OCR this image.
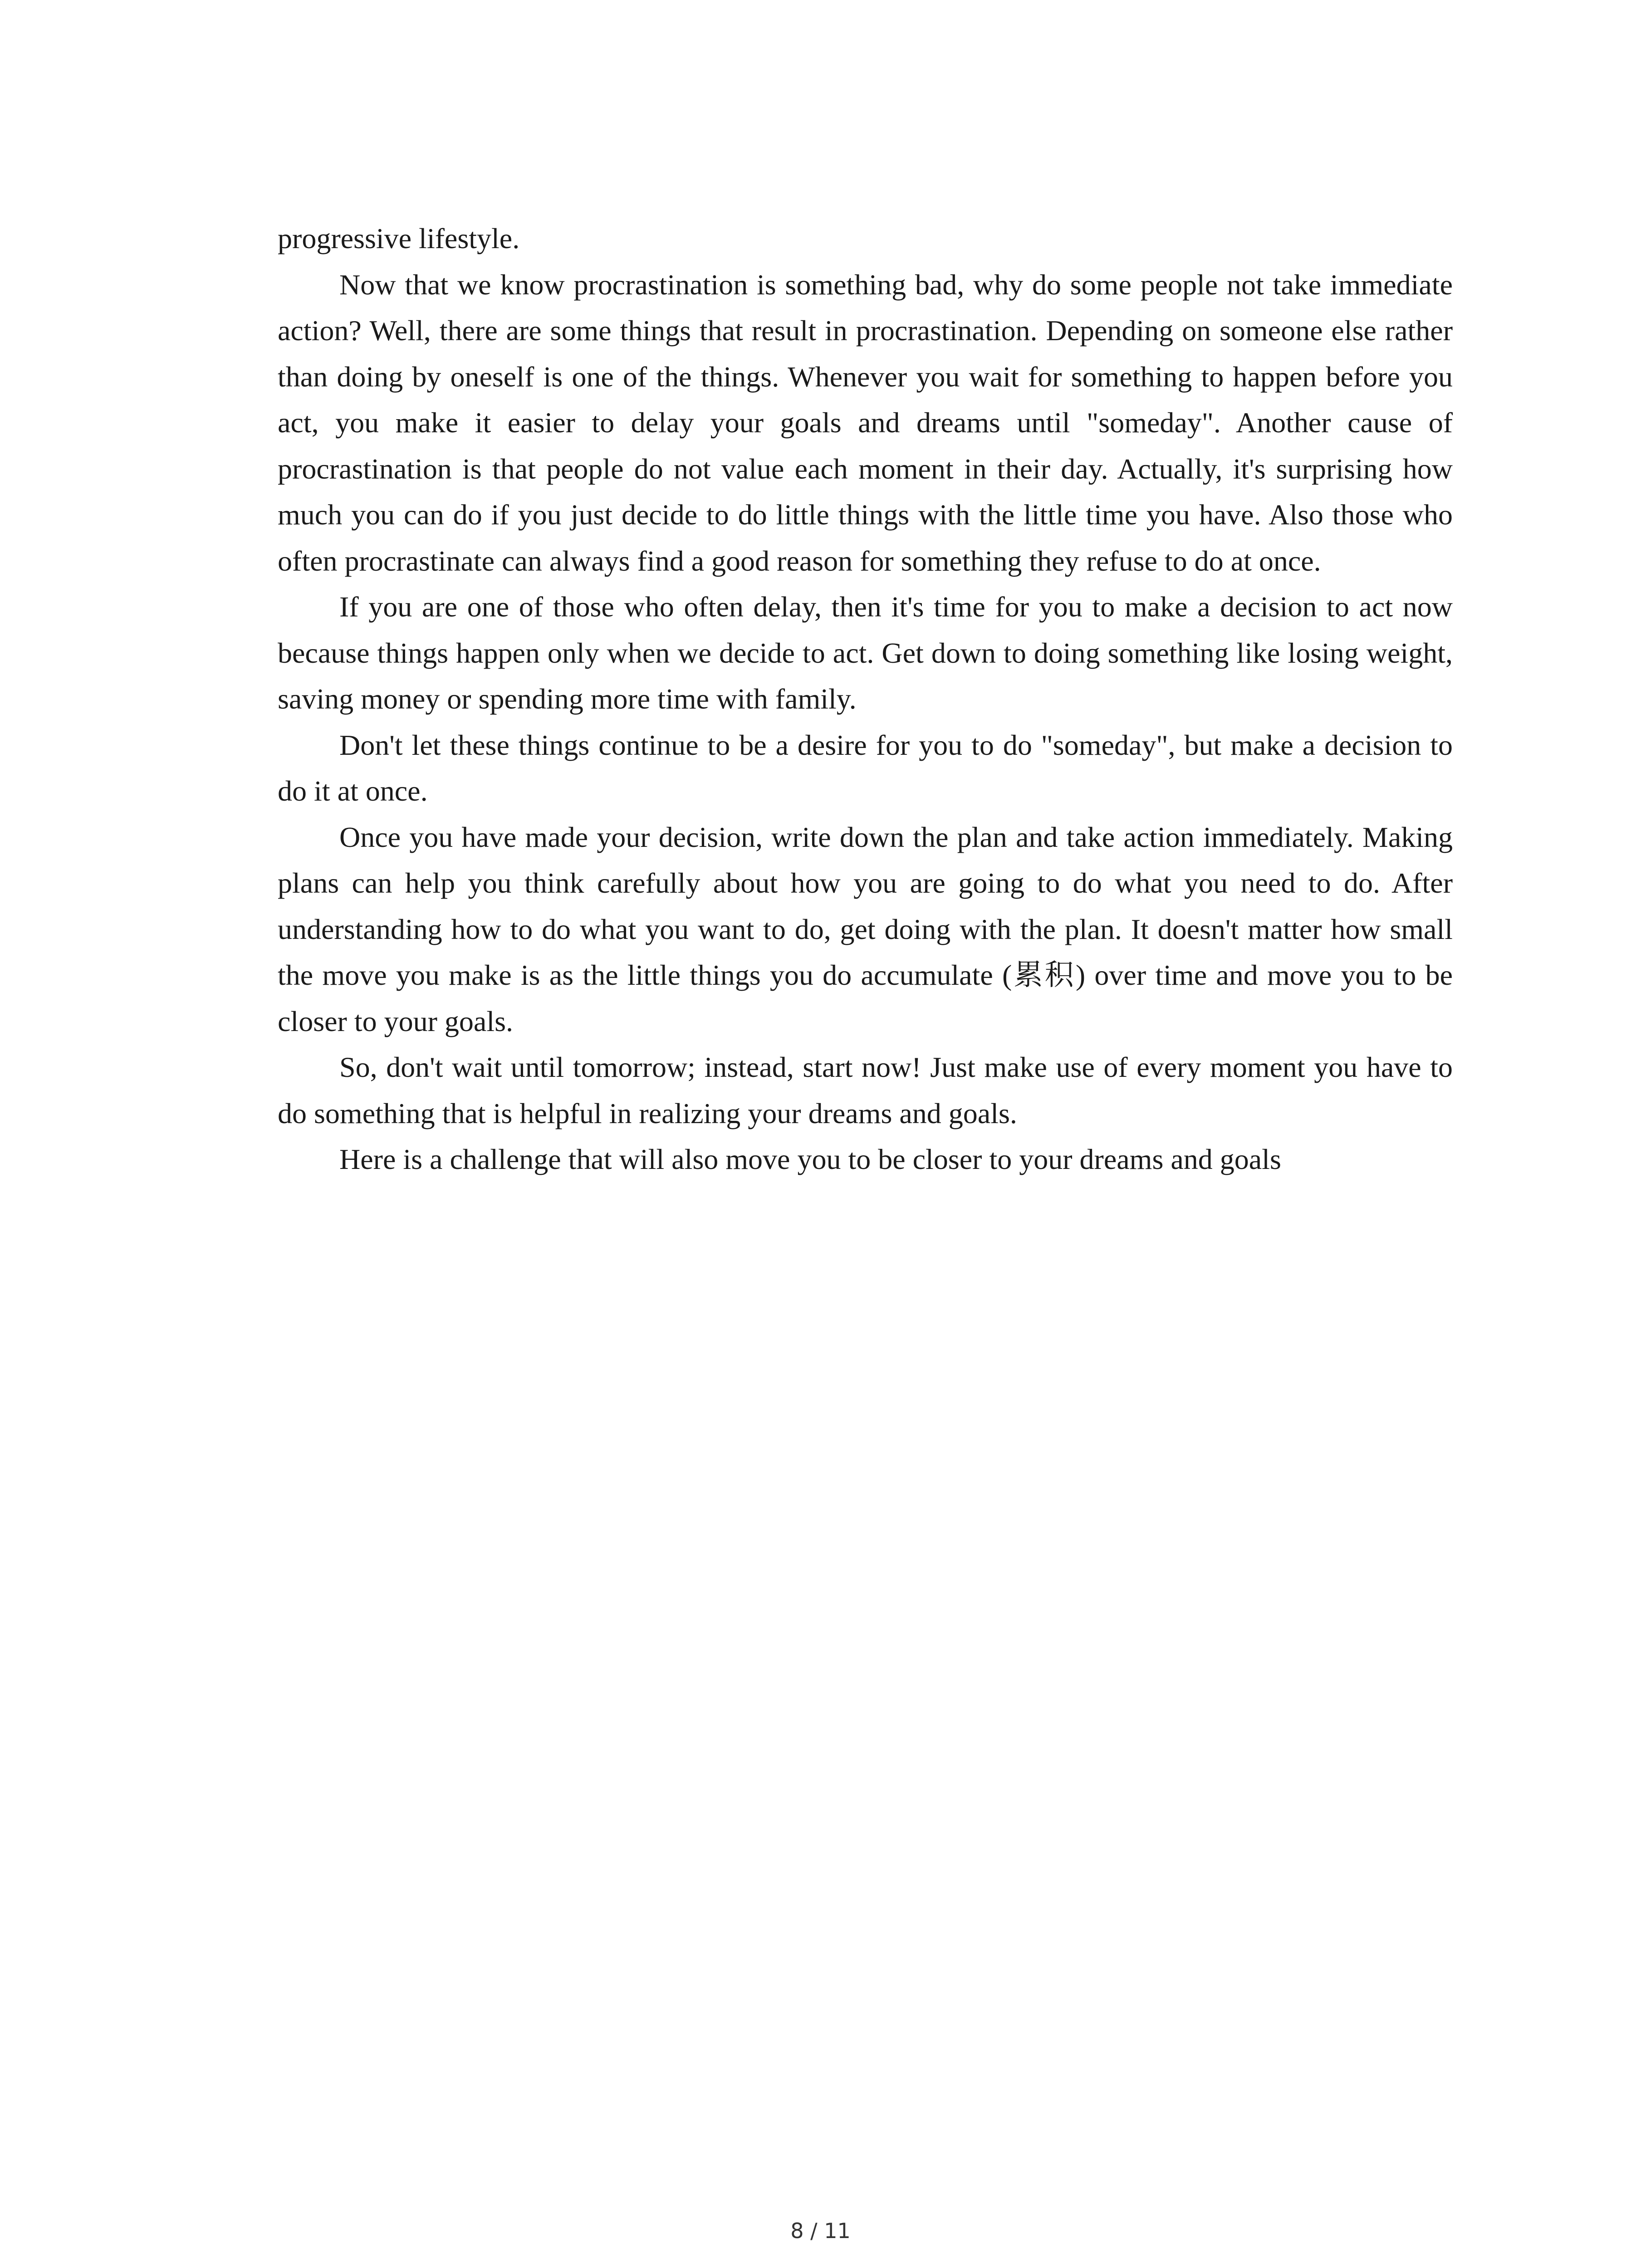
progressive lifestyle.

Now that we know procrastination is something bad, why do some people not take immediate action? Well, there are some things that result in procrastination. Depending on someone else rather than doing by oneself is one of the things. Whenever you wait for something to happen before you act, you make it easier to delay your goals and dreams until "someday". Another cause of procrastination is that people do not value each moment in their day. Actually, it's surprising how much you can do if you just decide to do little things with the little time you have. Also those who often procrastinate can always find a good reason for something they refuse to do at once.

If you are one of those who often delay, then it's time for you to make a decision to act now because things happen only when we decide to act. Get down to doing something like losing weight, saving money or spending more time with family.

Don't let these things continue to be a desire for you to do "someday", but make a decision to do it at once.

Once you have made your decision, write down the plan and take action immediately. Making plans can help you think carefully about how you are going to do what you need to do. After understanding how to do what you want to do, get doing with the plan. It doesn't matter how small the move you make is as the little things you do accumulate (累积) over time and move you to be closer to your goals.

So, don't wait until tomorrow; instead, start now! Just make use of every moment you have to do something that is helpful in realizing your dreams and goals.

Here is a challenge that will also move you to be closer to your dreams and goals

8 / 11
